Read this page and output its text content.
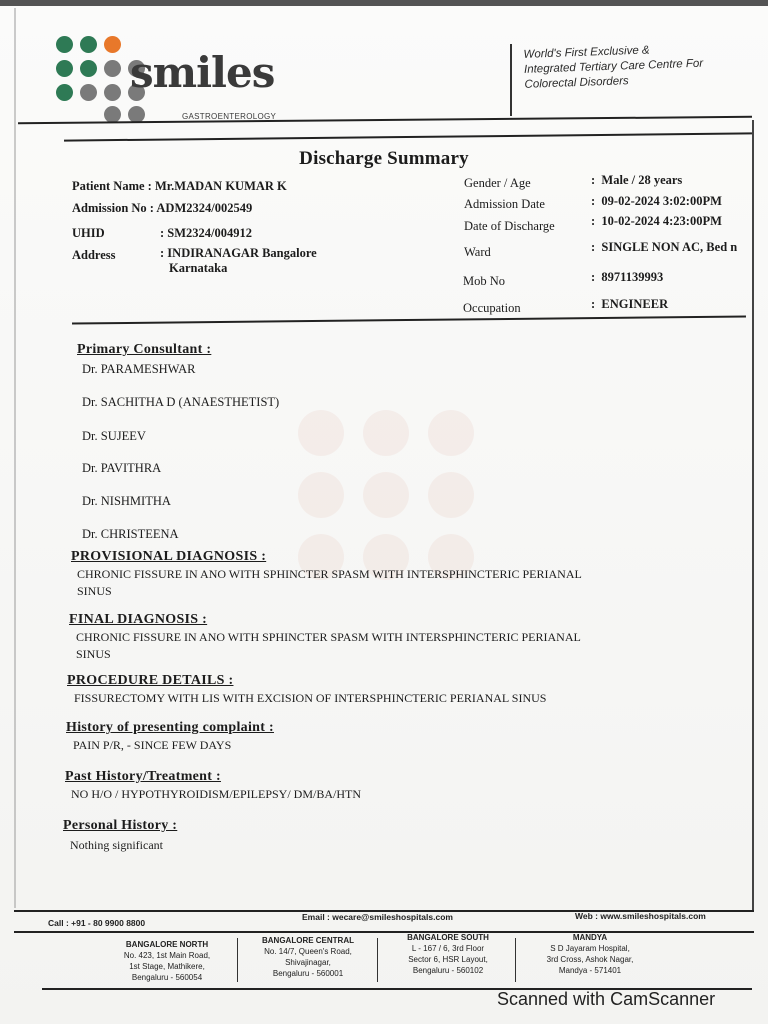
smiles
GASTROENTEROLOGY
World's First Exclusive &
Integrated Tertiary Care Centre For
Colorectal Disorders
Discharge Summary
Patient Name : Mr.MADAN KUMAR K
Admission No : ADM2324/002549
UHID	: SM2324/004912
Address	: INDIRANAGAR Bangalore
Karnataka
Gender / Age	:  Male / 28 years
Admission Date	:  09-02-2024 3:02:00PM
Date of Discharge	:  10-02-2024 4:23:00PM
Ward	:  SINGLE NON AC, Bed n
Mob No	:  8971139993
Occupation	:  ENGINEER
Primary Consultant :
Dr. PARAMESHWAR
Dr. SACHITHA D (ANAESTHETIST)
Dr. SUJEEV
Dr. PAVITHRA
Dr. NISHMITHA
Dr. CHRISTEENA
PROVISIONAL DIAGNOSIS :
CHRONIC FISSURE IN ANO WITH SPHINCTER SPASM WITH INTERSPHINCTERIC PERIANAL
SINUS
FINAL DIAGNOSIS :
CHRONIC FISSURE IN ANO WITH SPHINCTER SPASM WITH INTERSPHINCTERIC PERIANAL
SINUS
PROCEDURE DETAILS :
FISSURECTOMY WITH LIS WITH EXCISION OF INTERSPHINCTERIC PERIANAL SINUS
History of presenting complaint :
PAIN P/R, - SINCE FEW DAYS
Past History/Treatment :
NO H/O / HYPOTHYROIDISM/EPILEPSY/ DM/BA/HTN
Personal History :
Nothing significant
Call : +91 - 80 9900 8800
Email : wecare@smileshospitals.com	Web : www.smileshospitals.com
BANGALORE NORTH
No. 423, 1st Main Road,
1st Stage, Mathikere,
Bengaluru - 560054
BANGALORE CENTRAL
No. 14/7, Queen's Road,
Shivajinagar,
Bengaluru - 560001
BANGALORE SOUTH
L - 167 / 6, 3rd Floor
Sector 6, HSR Layout,
Bengaluru - 560102
MANDYA
S D Jayaram Hospital,
3rd Cross, Ashok Nagar,
Mandya - 571401
Scanned with CamScanner
